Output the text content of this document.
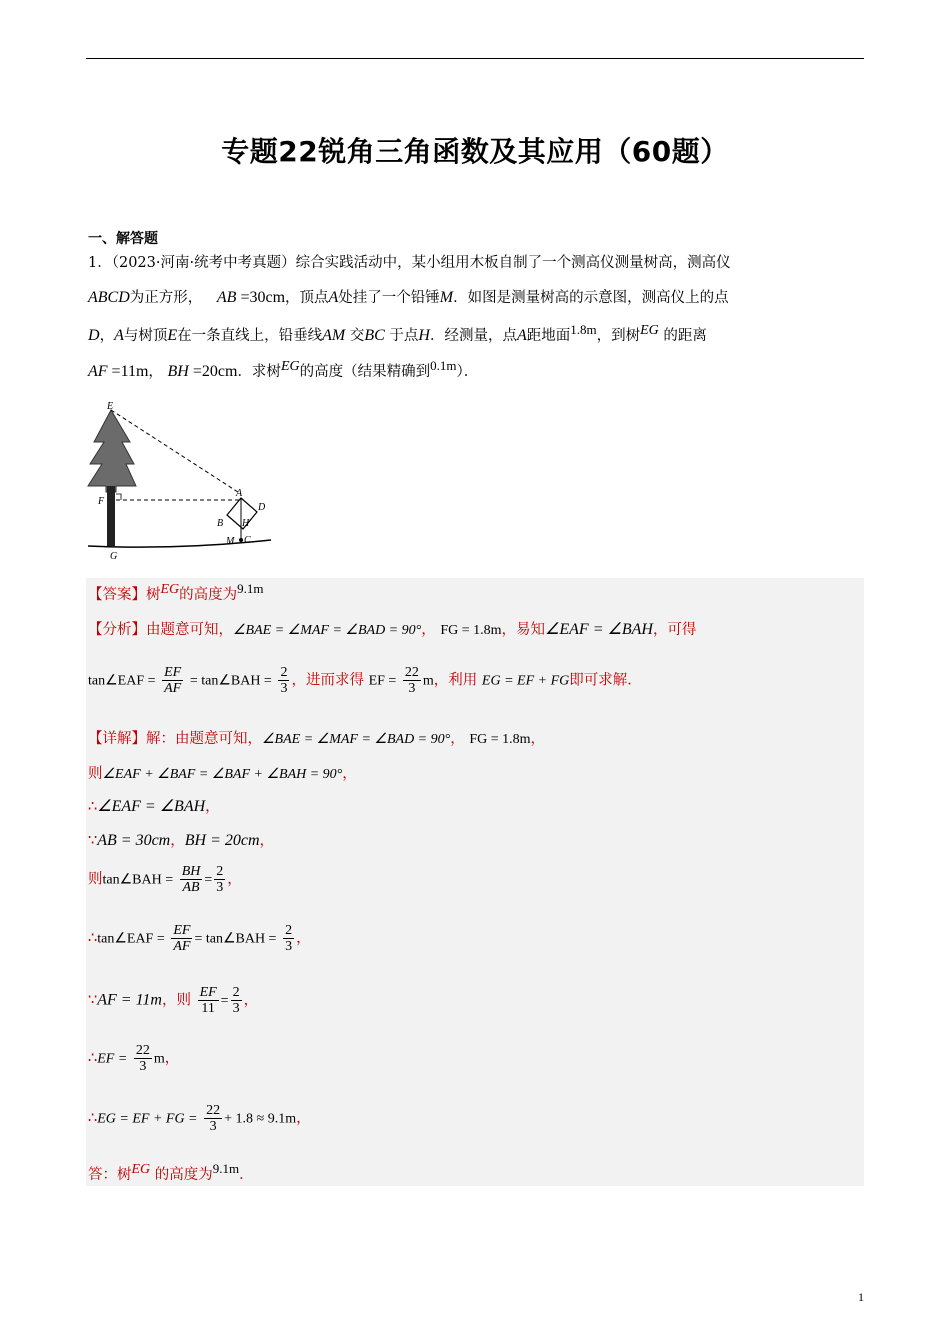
专题22锐角三角函数及其应用（60题）
一、解答题
1．（2023·河南·统考中考真题）综合实践活动中，某小组用木板自制了一个测高仪测量树高，测高仪
ABCD为正方形， AB =30cm，顶点A处挂了一个铅锤M．如图是测量树高的示意图，测高仪上的点
D，A与树顶E在一条直线上，铅垂线AM 交BC 于点H．经测量，点A距地面1.8m，到树EG 的距离
AF =11m， BH =20cm．求树EG的高度（结果精确到0.1m）．
E
F
A
D
B H
M C
G
【答案】树EG的高度为9.1m
【分析】由题意可知，∠BAE = ∠MAF = ∠BAD = 90°， FG = 1.8m，易知∠EAF = ∠BAH，可得
tan∠EAF = $\frac{EF}{AF}$ = tan∠BAH = $\frac{2}{3}$ ，进而求得 EF = $\frac{22}{3}$ m，利用 EG = EF + FG即可求解．
【详解】解：由题意可知，∠BAE = ∠MAF = ∠BAD = 90°， FG = 1.8m，
则∠EAF + ∠BAF = ∠BAF + ∠BAH = 90°，
∴∠EAF = ∠BAH，
∵AB = 30cm，BH = 20cm，
则tan∠BAH = $\frac{BH}{AB} = \frac{2}{3}$ ，
∴tan∠EAF = $\frac{EF}{AF}$ = tan∠BAH = $\frac{2}{3}$ ，
∵AF = 11m，则 $\frac{EF}{11} = \frac{2}{3}$ ，
∴EF = $\frac{22}{3}$ m，
∴EG = EF + FG = $\frac{22}{3} + 1.8 \approx 9.1m$，
答：树EG 的高度为9.1m．
1
